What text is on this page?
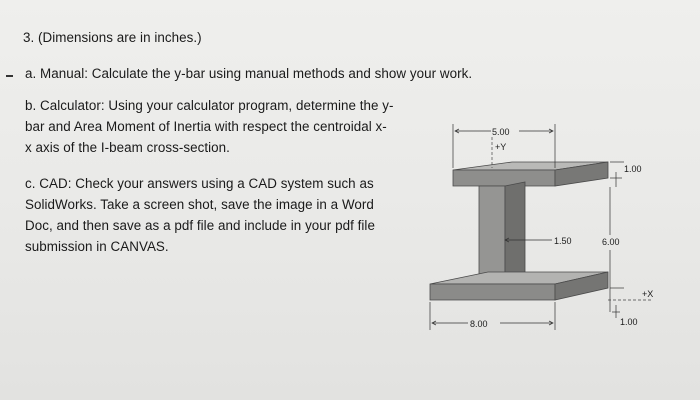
3. (Dimensions are in inches.)
a. Manual: Calculate the y-bar using manual methods and show your work.
b. Calculator: Using your calculator program, determine the y-
bar and Area Moment of Inertia with respect the centroidal x-
x axis of the I-beam cross-section.
c. CAD: Check your answers using a CAD system such as
SolidWorks. Take a screen shot, save the image in a Word
Doc, and then save as a pdf file and include in your pdf file
submission in CANVAS.
5.00
+Y
1.00
1.50	6.00
+X
1.00
8.00
